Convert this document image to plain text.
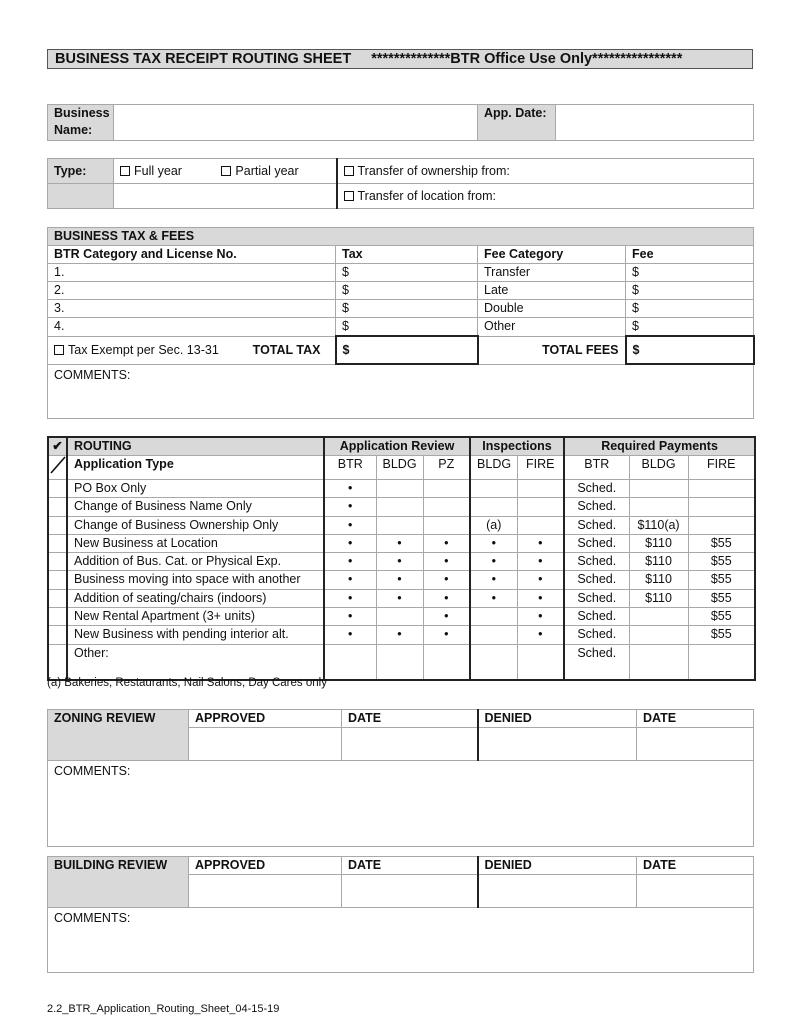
BUSINESS TAX RECEIPT ROUTING SHEET **************BTR Office Use Only****************
Business Name:		App. Date:	
Type:	Full year Partial year	Transfer of ownership from:
		Transfer of location from:
BUSINESS TAX & FEES			
BTR Category and License No.	Tax	Fee Category	Fee
1.	$	Transfer	$
2.	$	Late	$
3.	$	Double	$
4.	$	Other	$
Tax Exempt per Sec. 13-31 TOTAL TAX	$	TOTAL FEES	$
COMMENTS:			
✔	ROUTING	Application Review			Inspections		Required Payments		
	Application Type	BTR	BLDG	PZ	BLDG	FIRE	BTR	BLDG	FIRE
	PO Box Only	•					Sched.		
	Change of Business Name Only	•					Sched.		
	Change of Business Ownership Only	•			(a)		Sched.	$110(a)	
	New Business at Location	•	•	•	•	•	Sched.	$110	$55
	Addition of Bus. Cat. or Physical Exp.	•	•	•	•	•	Sched.	$110	$55
	Business moving into space with another	•	•	•	•	•	Sched.	$110	$55
	Addition of seating/chairs (indoors)	•	•	•	•	•	Sched.	$110	$55
	New Rental Apartment (3+ units)	•		•		•	Sched.		$55
	New Business with pending interior alt.	•	•	•		•	Sched.		$55
	Other:						Sched.		
(a) Bakeries, Restaurants, Nail Salons, Day Cares only
ZONING REVIEW	APPROVED	DATE	DENIED	DATE

COMMENTS:				
BUILDING REVIEW	APPROVED	DATE	DENIED	DATE

COMMENTS:				
2.2_BTR_Application_Routing_Sheet_04-15-19
